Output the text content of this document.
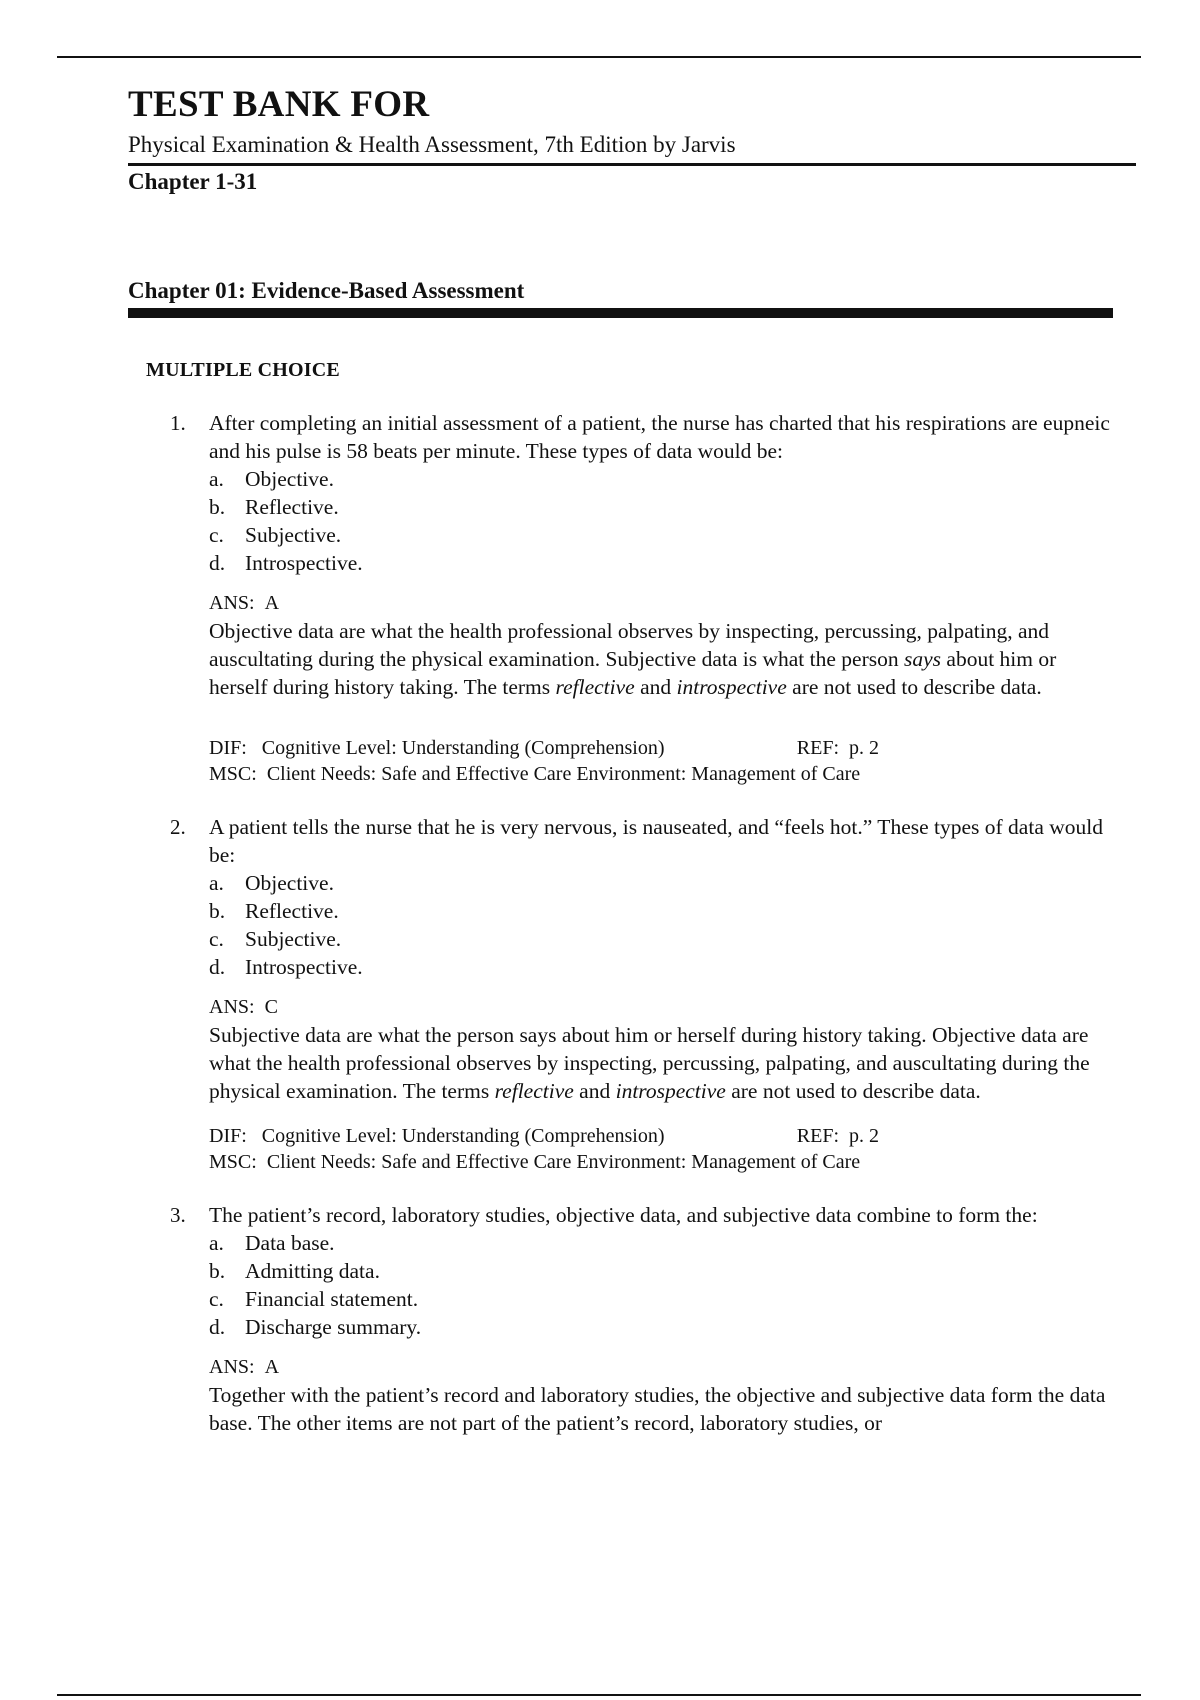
TEST BANK FOR
Physical Examination & Health Assessment, 7th Edition by Jarvis
Chapter 1-31
Chapter 01: Evidence-Based Assessment
MULTIPLE CHOICE
1. After completing an initial assessment of a patient, the nurse has charted that his respirations are eupneic and his pulse is 58 beats per minute. These types of data would be:
a. Objective.
b. Reflective.
c. Subjective.
d. Introspective.
ANS: A
Objective data are what the health professional observes by inspecting, percussing, palpating, and auscultating during the physical examination. Subjective data is what the person says about him or herself during history taking. The terms reflective and introspective are not used to describe data.
DIF: Cognitive Level: Understanding (Comprehension)	REF: p. 2
MSC: Client Needs: Safe and Effective Care Environment: Management of Care
2. A patient tells the nurse that he is very nervous, is nauseated, and “feels hot.” These types of data would be:
a. Objective.
b. Reflective.
c. Subjective.
d. Introspective.
ANS: C
Subjective data are what the person says about him or herself during history taking. Objective data are what the health professional observes by inspecting, percussing, palpating, and auscultating during the physical examination. The terms reflective and introspective are not used to describe data.
DIF: Cognitive Level: Understanding (Comprehension)	REF: p. 2
MSC: Client Needs: Safe and Effective Care Environment: Management of Care
3. The patient’s record, laboratory studies, objective data, and subjective data combine to form the:
a. Data base.
b. Admitting data.
c. Financial statement.
d. Discharge summary.
ANS: A
Together with the patient’s record and laboratory studies, the objective and subjective data form the data base. The other items are not part of the patient’s record, laboratory studies, or
